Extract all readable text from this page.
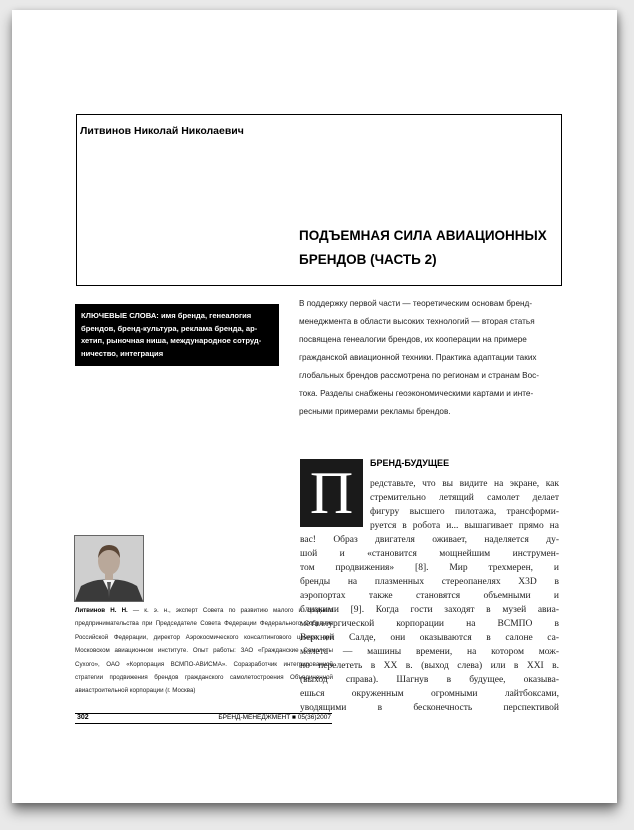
Литвинов Николай Николаевич
ПОДЪЕМНАЯ СИЛА АВИАЦИОННЫХ
БРЕНДОВ (ЧАСТЬ 2)
КЛЮЧЕВЫЕ СЛОВА: имя бренда, генеалогия
брендов, бренд-культура, реклама бренда, ар-
хетип, рыночная ниша, международное сотруд-
ничество, интеграция
В поддержку первой части — теоретическим основам бренд-
менеджмента в области высоких технологий — вторая статья
посвящена генеалогии брендов, их кооперации на примере
гражданской авиационной техники. Практика адаптации таких
глобальных брендов рассмотрена по регионам и странам Вос-
тока. Разделы снабжены геоэкономическими картами и инте-
ресными примерами рекламы брендов.
П	БРЕНД-БУДУЩЕЕ
редставьте, что вы видите на экране, как
стремительно летящий самолет делает
фигуру высшего пилотажа, трансформи-
руется в робота и... вышагивает прямо на
вас! Образ двигателя оживает, наделяется ду-
шой и «становится мощнейшим инструмен-
том продвижения» [8]. Мир трехмерен, и
бренды на плазменных стереопанелях X3D в
аэропортах также становятся объемными и
близкими [9]. Когда гости заходят в музей авиа-
металлургической корпорации на ВСМПО в
Верхней Салде, они оказываются в салоне са-
молета — машины времени, на котором мож-
но перелететь в XX в. (выход слева) или в XXI в.
(выход справа). Шагнув в будущее, оказыва-
ешься окруженным огромными лайтбоксами,
уводящими в бесконечность перспективой
Литвинов Н. Н. — к. э. н., эксперт Совета по развитию малого и среднего предпринимательства при Председателе Совета Федерации Федерального Собрания Российской Федерации, директор Аэрокосмического консалтингового центра при Московском авиационном институте. Опыт работы: ЗАО «Гражданские Самолеты Сухого», ОАО «Корпорация ВСМПО-АВИСМА». Соразработчик интегрированной стратегии продвижения брендов гражданского самолетостроения Объединенной авиастроительной корпорации (г. Москва)
302	БРЕНД-МЕНЕДЖМЕНТ ■ 05(36)2007
